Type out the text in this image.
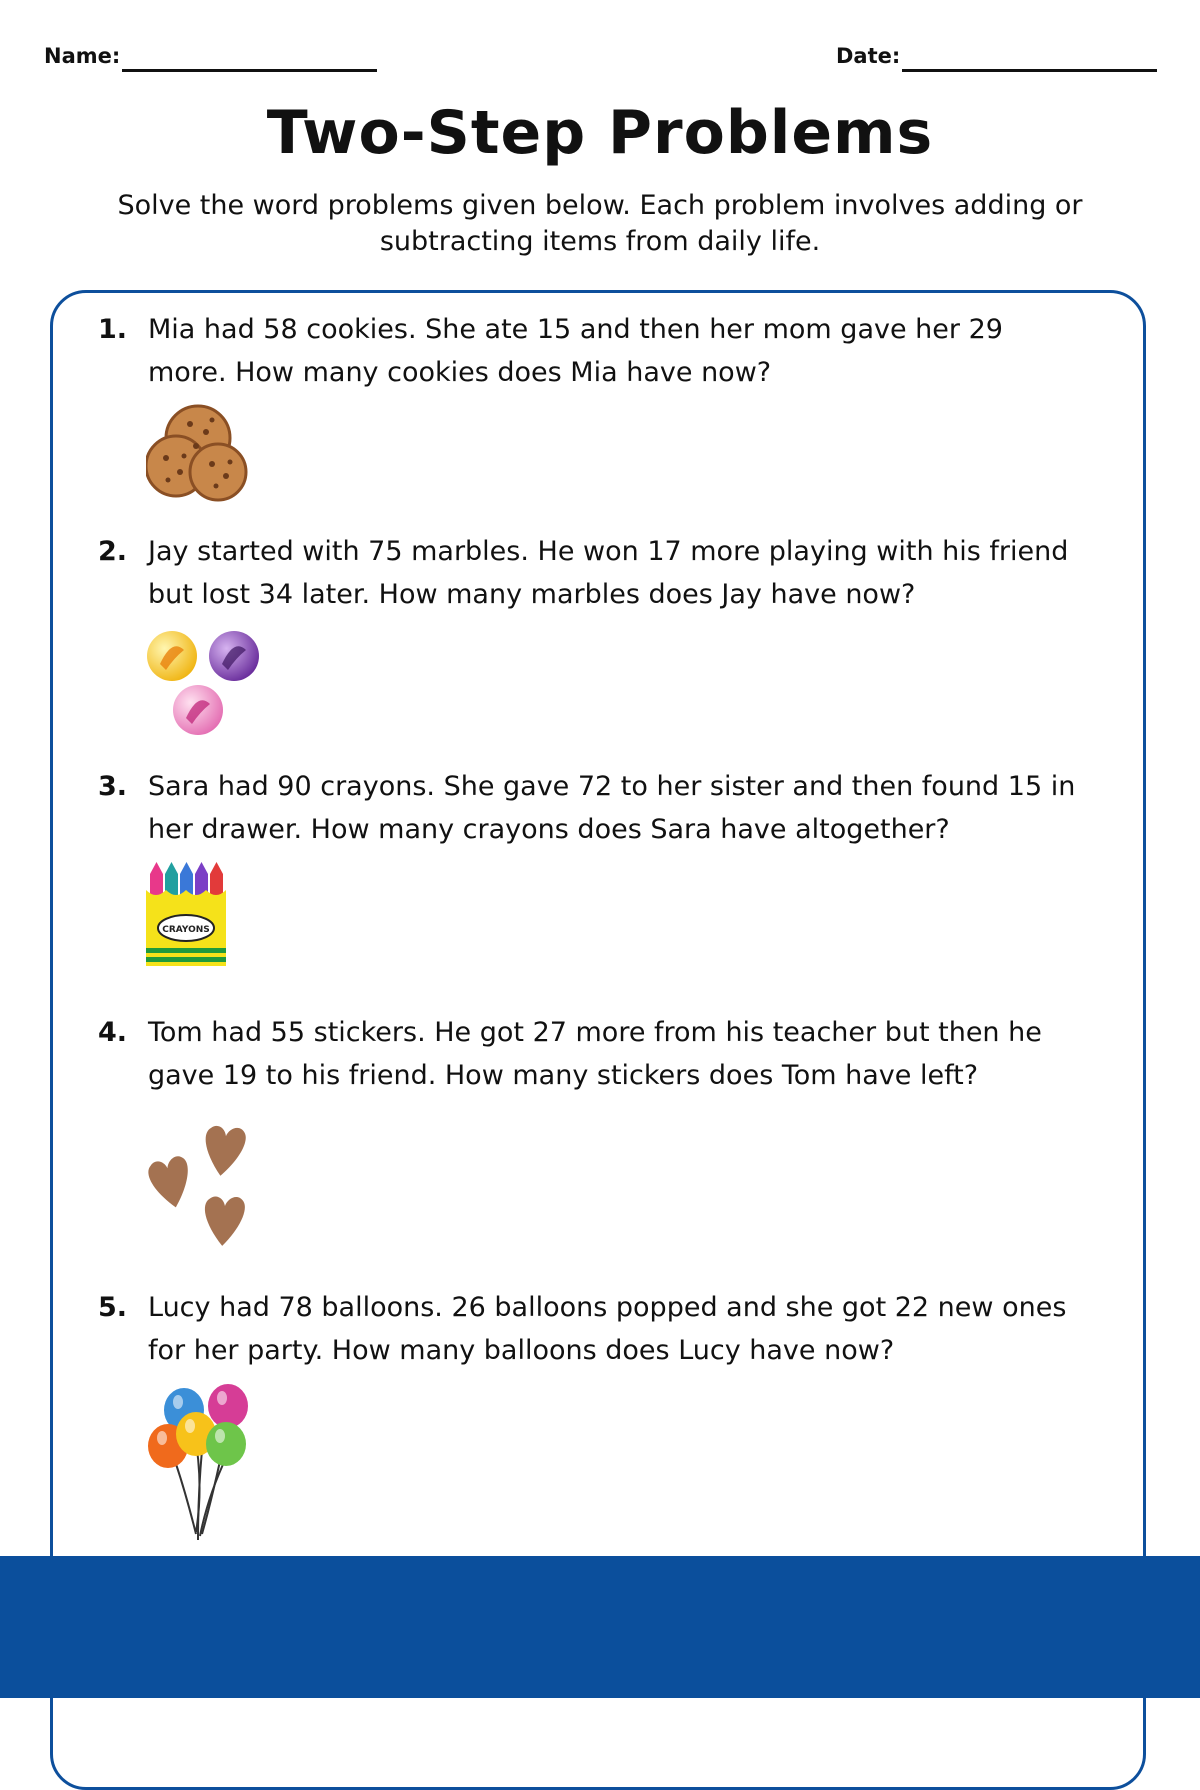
Name:	Date:
Two-Step Problems
Solve the word problems given below. Each problem involves adding or subtracting items from daily life.
1. Mia had 58 cookies. She ate 15 and then her mom gave her 29 more. How many cookies does Mia have now?
2. Jay started with 75 marbles. He won 17 more playing with his friend but lost 34 later. How many marbles does Jay have now?
3. Sara had 90 crayons. She gave 72 to her sister and then found 15 in her drawer. How many crayons does Sara have altogether?
CRAYONS
4. Tom had 55 stickers. He got 27 more from his teacher but then he gave 19 to his friend. How many stickers does Tom have left?
5. Lucy had 78 balloons. 26 balloons popped and she got 22 new ones for her party. How many balloons does Lucy have now?
